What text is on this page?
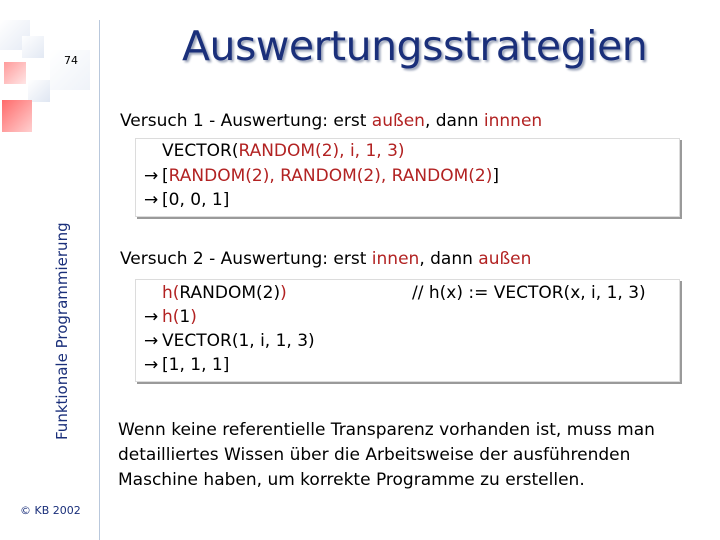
74
Funktionale Programmierung
© KB 2002
Auswertungsstrategien
Versuch 1 - Auswertung: erst außen, dann innnen
VECTOR(RANDOM(2), i, 1, 3)
→ [RANDOM(2), RANDOM(2), RANDOM(2)]
→ [0, 0, 1]
Versuch 2 - Auswertung: erst innen, dann außen
h(RANDOM(2))	// h(x) := VECTOR(x, i, 1, 3)
→ h(1)
→ VECTOR(1, i, 1, 3)
→ [1, 1, 1]
Wenn keine referentielle Transparenz vorhanden ist, muss man detailliertes Wissen über die Arbeitsweise der ausführenden Maschine haben, um korrekte Programme zu erstellen.
